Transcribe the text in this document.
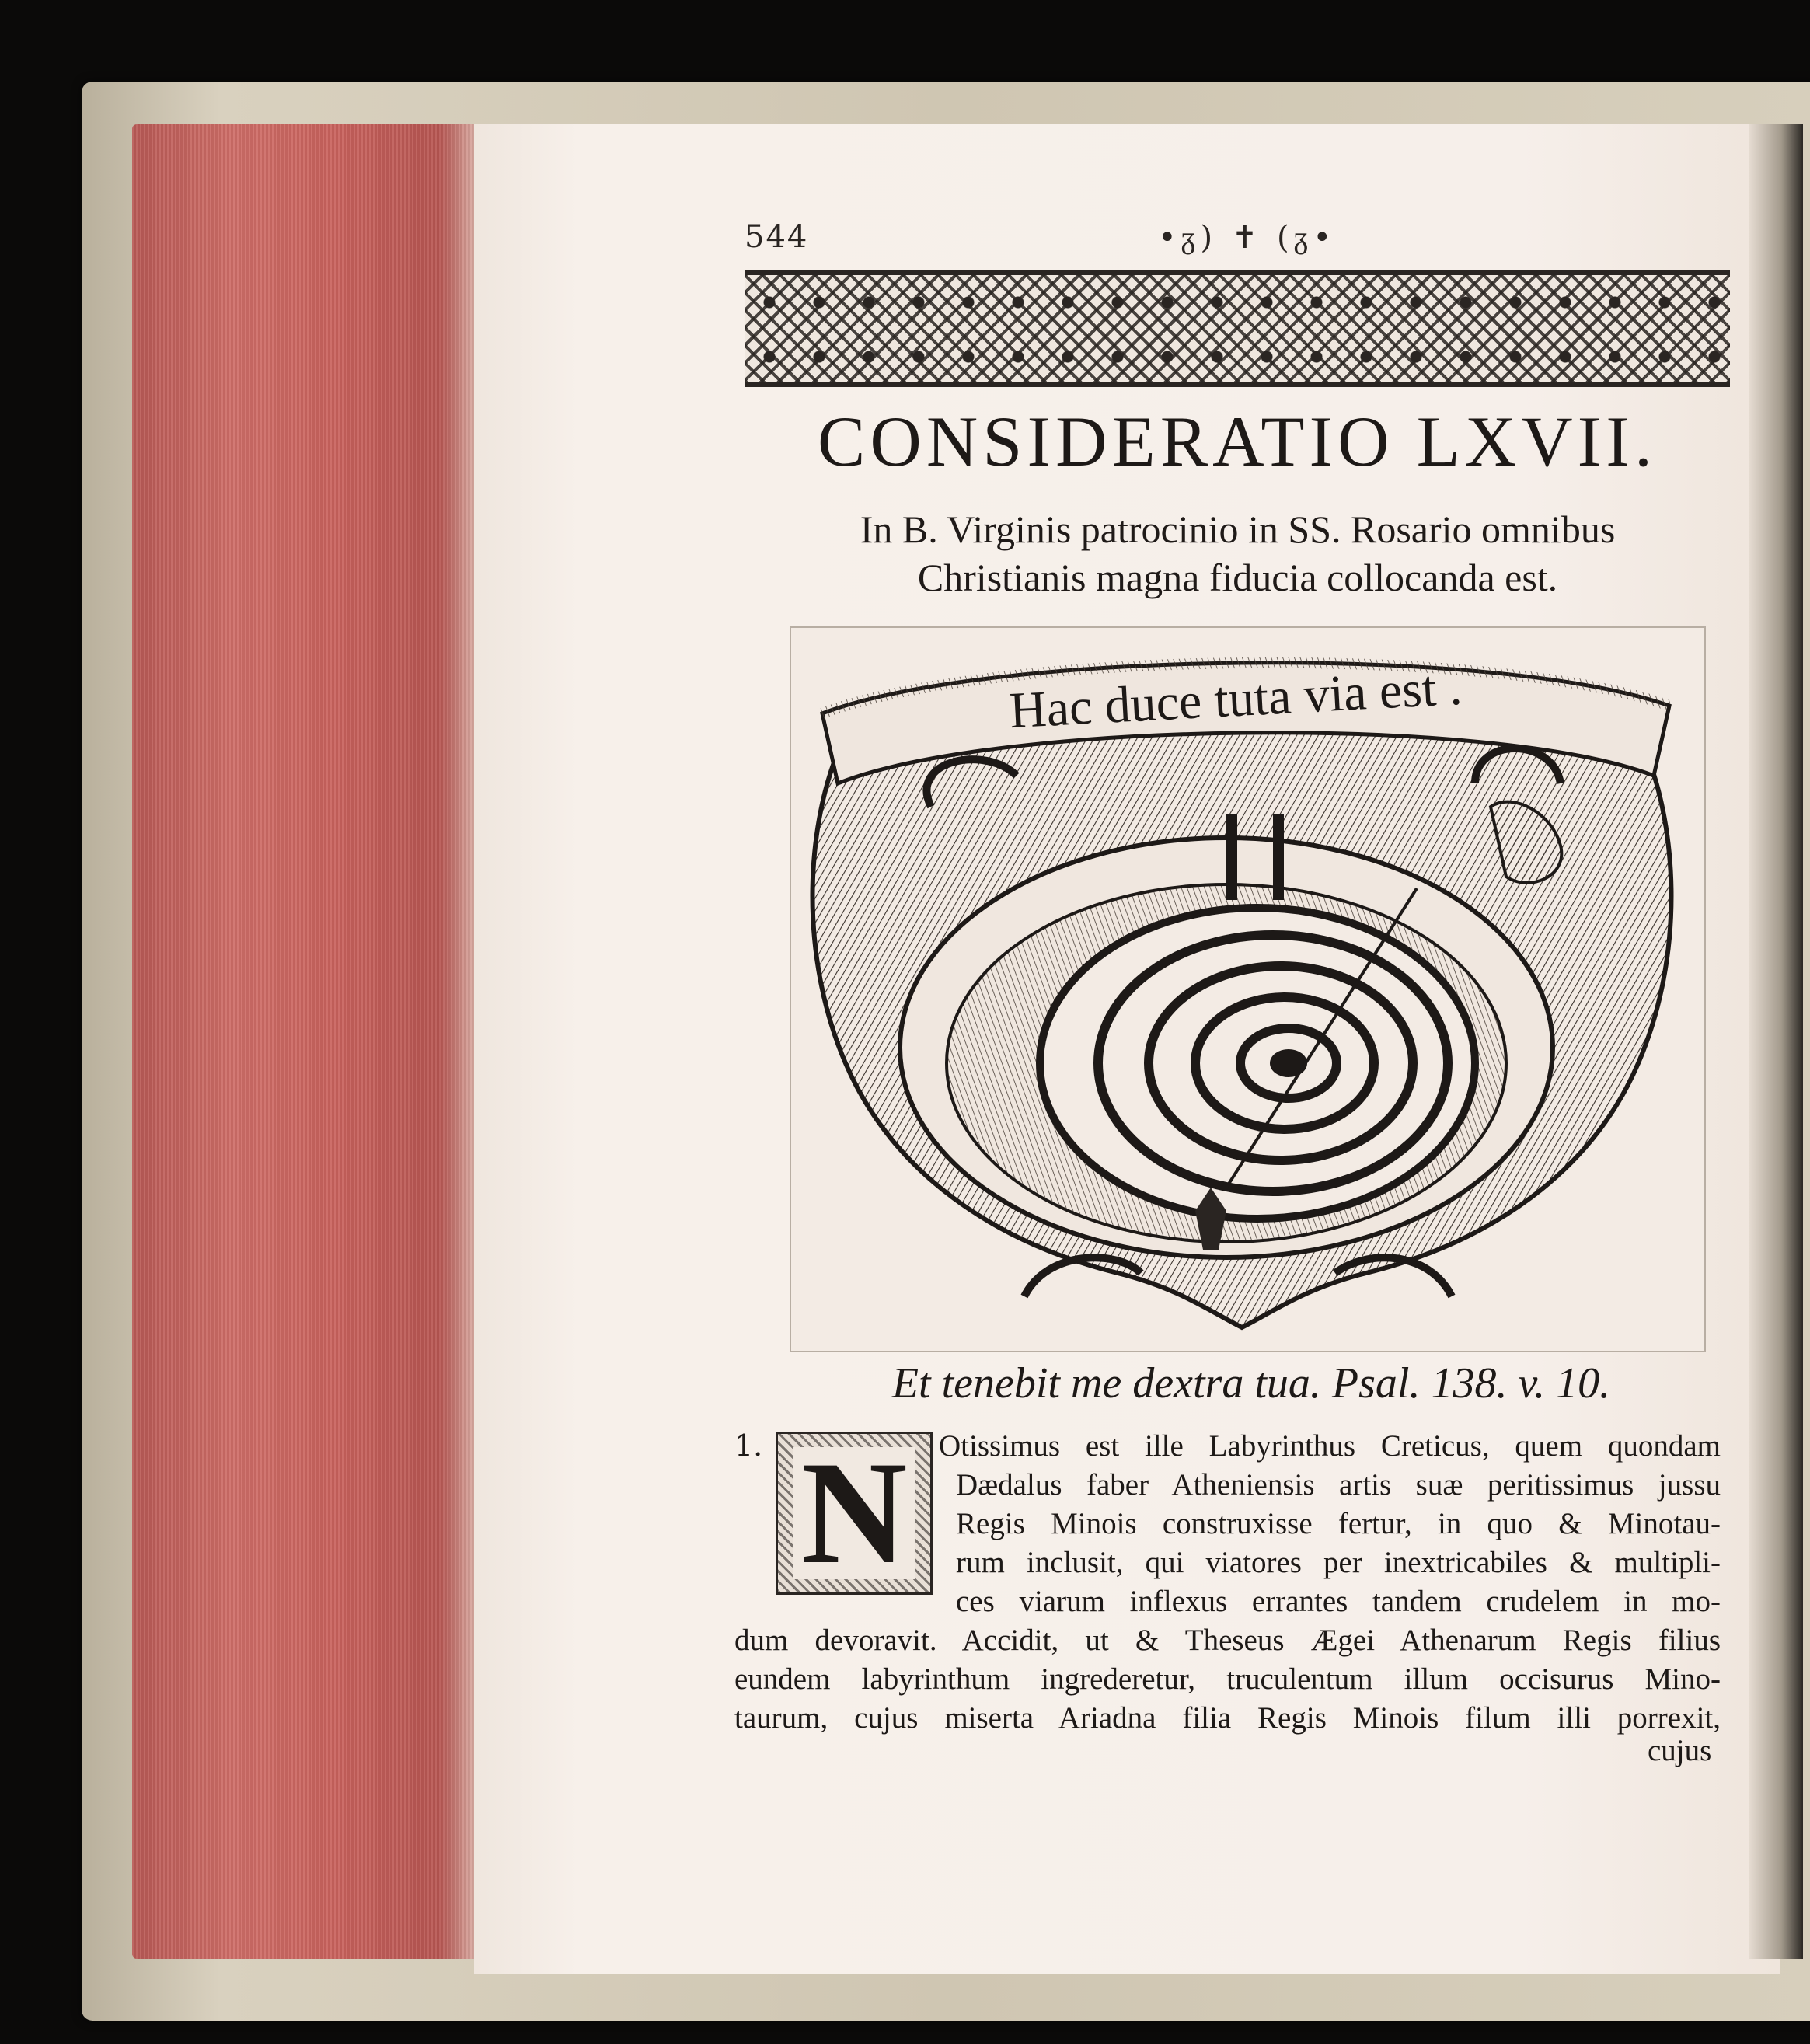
544	•ᵹ) ✝ (ᵹ•
CONSIDERATIO LXVII.
In B. Virginis patrocinio in SS. Rosario omnibus
Christianis magna fiducia collocanda est.
Hac duce tuta via est .
Et tenebit me dextra tua. Psal. 138. v. 10.
1. N Otissimus est ille Labyrinthus Creticus, quem quondam
Dædalus faber Atheniensis artis suæ peritissimus jussu
Regis Minois construxisse fertur, in quo & Minotau-
rum inclusit, qui viatores per inextricabiles & multipli-
ces viarum inflexus errantes tandem crudelem in mo-
dum devoravit. Accidit, ut & Theseus Ægei Athenarum Regis filius
eundem labyrinthum ingrederetur, truculentum illum occisurus Mino-
taurum, cujus miserta Ariadna filia Regis Minois filum illi porrexit,
cujus
